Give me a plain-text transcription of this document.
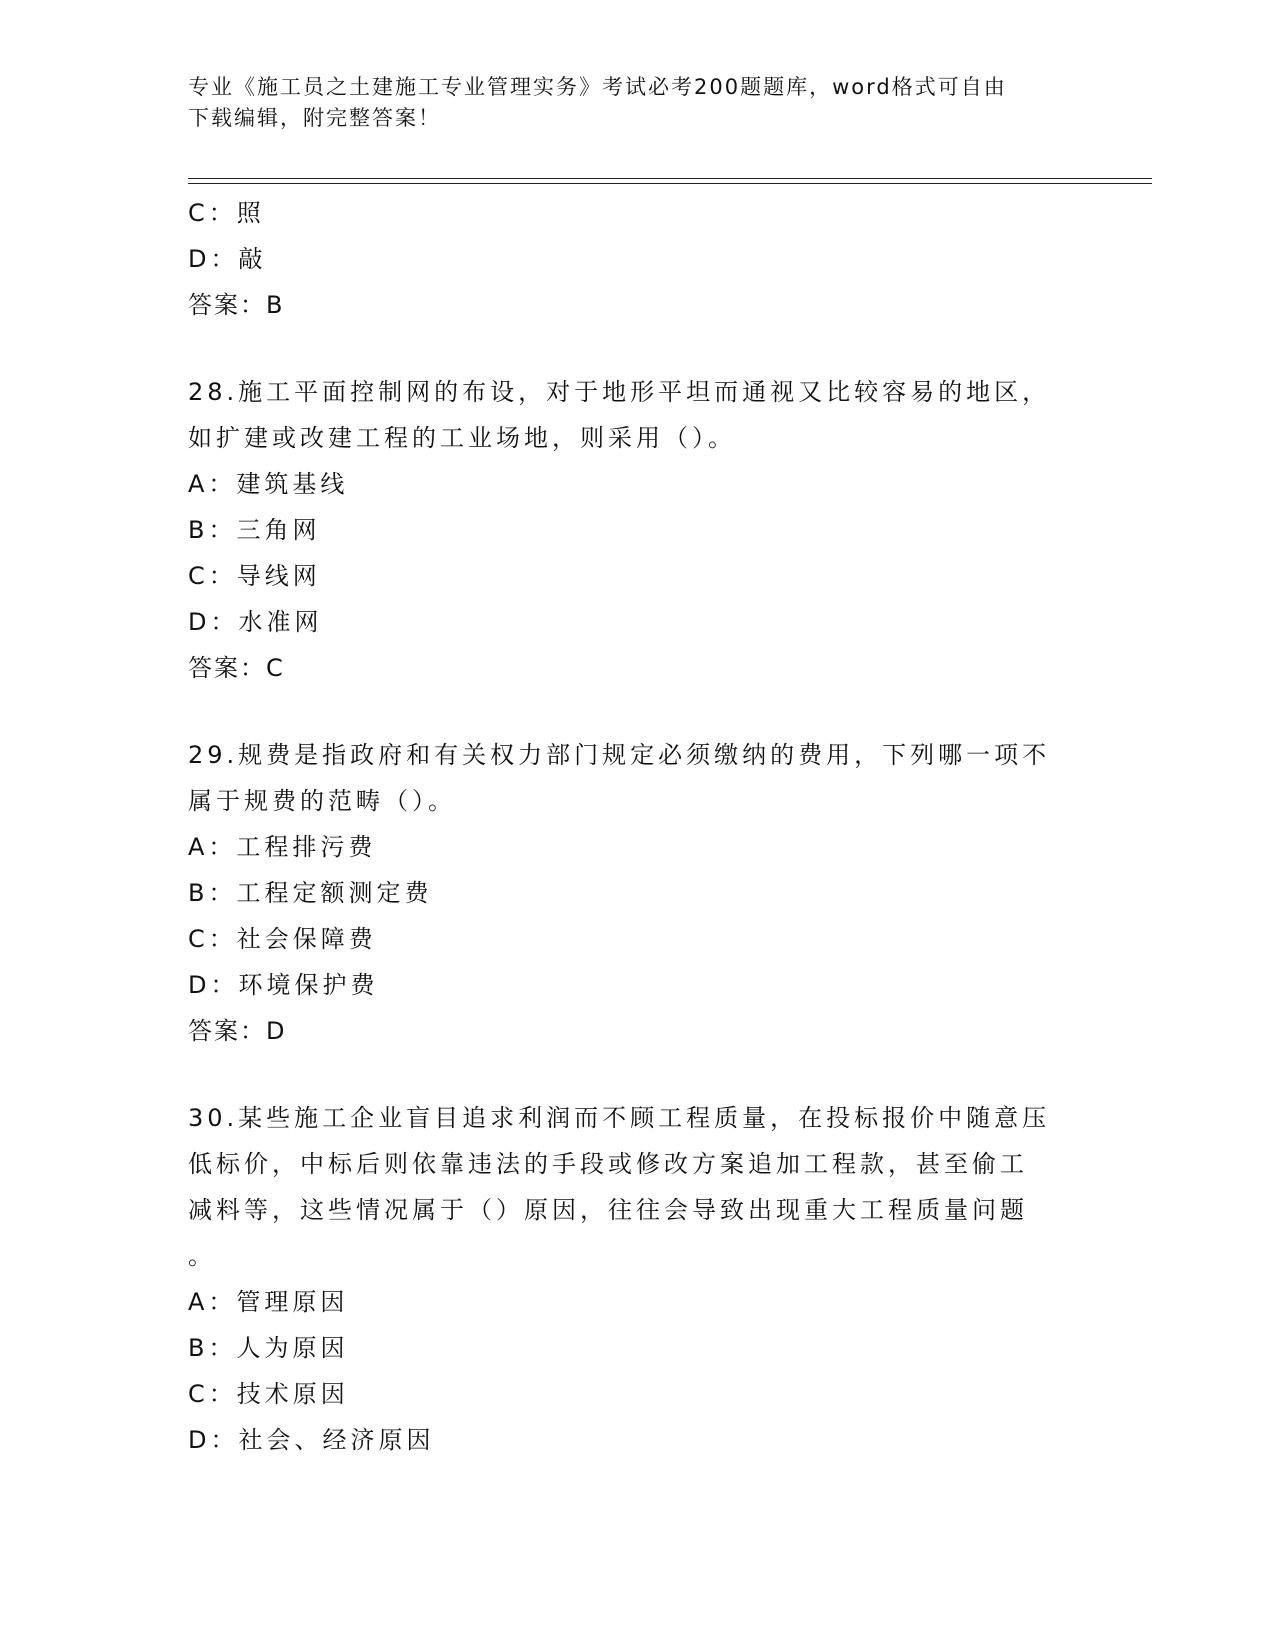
专业《施工员之土建施工专业管理实务》考试必考200题题库，word格式可自由
下载编辑，附完整答案！
C：照
D：敲
答案：B
28.施工平面控制网的布设，对于地形平坦而通视又比较容易的地区，
如扩建或改建工程的工业场地，则采用（）。
A：建筑基线
B：三角网
C：导线网
D：水准网
答案：C
29.规费是指政府和有关权力部门规定必须缴纳的费用，下列哪一项不
属于规费的范畴（）。
A：工程排污费
B：工程定额测定费
C：社会保障费
D：环境保护费
答案：D
30.某些施工企业盲目追求利润而不顾工程质量，在投标报价中随意压
低标价，中标后则依靠违法的手段或修改方案追加工程款，甚至偷工
减料等，这些情况属于（）原因，往往会导致出现重大工程质量问题
。
A：管理原因
B：人为原因
C：技术原因
D：社会、经济原因
